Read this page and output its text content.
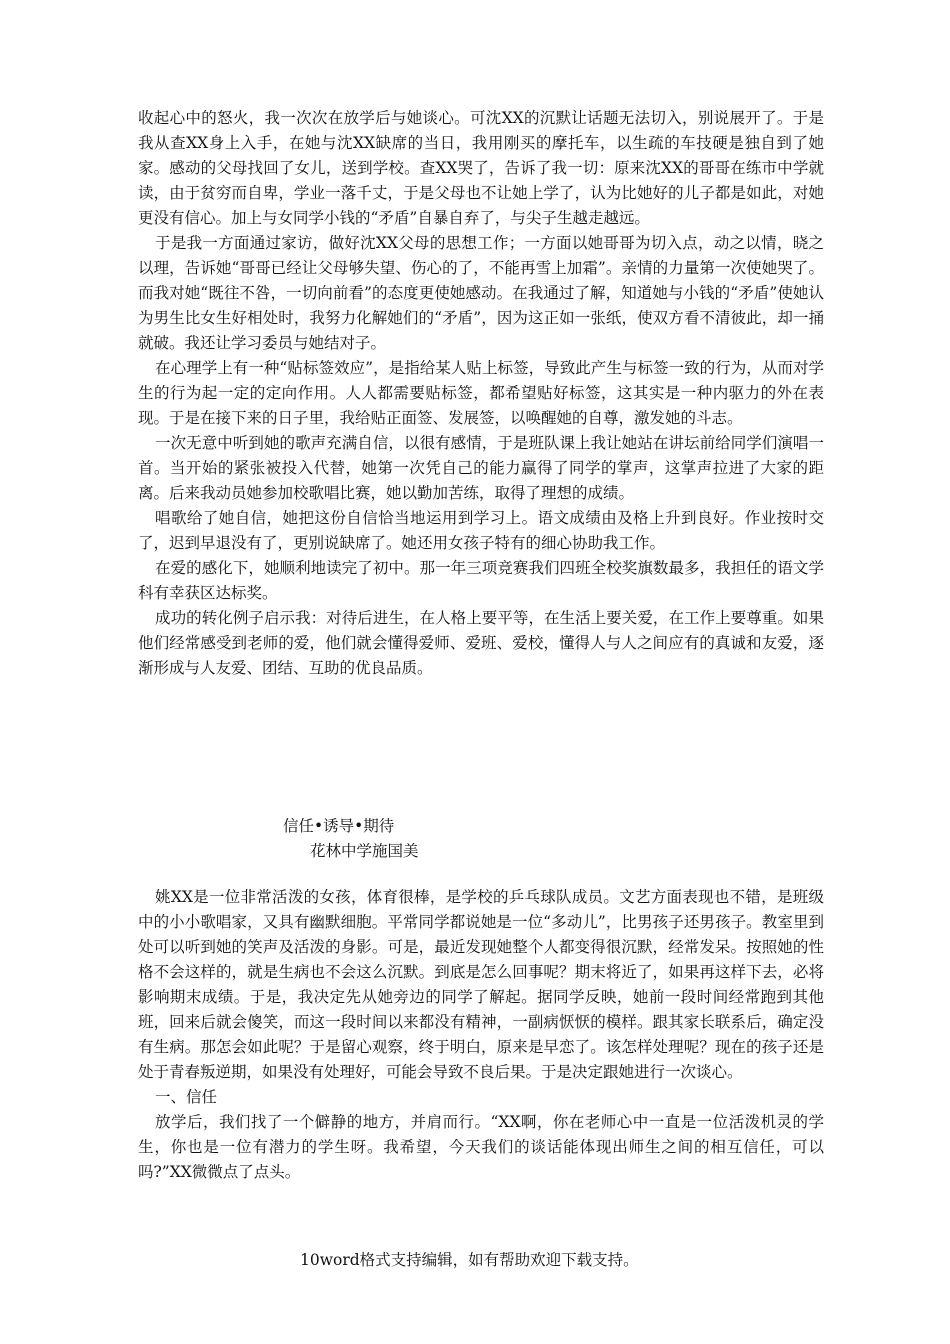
收起心中的怒火，我一次次在放学后与她谈心。可沈XX的沉默让话题无法切入，别说展开了。于是我从查XX身上入手，在她与沈XX缺席的当日，我用刚买的摩托车，以生疏的车技硬是独自到了她家。感动的父母找回了女儿，送到学校。查XX哭了，告诉了我一切：原来沈XX的哥哥在练市中学就读，由于贫穷而自卑，学业一落千丈，于是父母也不让她上学了，认为比她好的儿子都是如此，对她更没有信心。加上与女同学小钱的“矛盾”自暴自弃了，与尖子生越走越远。

于是我一方面通过家访，做好沈XX父母的思想工作；一方面以她哥哥为切入点，动之以情，晓之以理，告诉她“哥哥已经让父母够失望、伤心的了，不能再雪上加霜”。亲情的力量第一次使她哭了。而我对她“既往不咎，一切向前看”的态度更使她感动。在我通过了解，知道她与小钱的“矛盾”使她认为男生比女生好相处时，我努力化解她们的“矛盾”，因为这正如一张纸，使双方看不清彼此，却一捅就破。我还让学习委员与她结对子。

在心理学上有一种“贴标签效应”，是指给某人贴上标签，导致此产生与标签一致的行为，从而对学生的行为起一定的定向作用。人人都需要贴标签，都希望贴好标签，这其实是一种内驱力的外在表现。于是在接下来的日子里，我给贴正面签、发展签，以唤醒她的自尊，激发她的斗志。

一次无意中听到她的歌声充满自信，以很有感情，于是班队课上我让她站在讲坛前给同学们演唱一首。当开始的紧张被投入代替，她第一次凭自己的能力赢得了同学的掌声，这掌声拉进了大家的距离。后来我动员她参加校歌唱比赛，她以勤加苦练，取得了理想的成绩。

唱歌给了她自信，她把这份自信恰当地运用到学习上。语文成绩由及格上升到良好。作业按时交了，迟到早退没有了，更别说缺席了。她还用女孩子特有的细心协助我工作。

在爱的感化下，她顺利地读完了初中。那一年三项竞赛我们四班全校奖旗数最多，我担任的语文学科有幸获区达标奖。

成功的转化例子启示我：对待后进生，在人格上要平等，在生活上要关爱，在工作上要尊重。如果他们经常感受到老师的爱，他们就会懂得爱师、爱班、爱校，懂得人与人之间应有的真诚和友爱，逐渐形成与人友爱、团结、互助的优良品质。

信任•诱导•期待
花林中学施国美

姚XX是一位非常活泼的女孩，体育很棒，是学校的乒乓球队成员。文艺方面表现也不错，是班级中的小小歌唱家，又具有幽默细胞。平常同学都说她是一位“多动儿”，比男孩子还男孩子。教室里到处可以听到她的笑声及活泼的身影。可是，最近发现她整个人都变得很沉默，经常发呆。按照她的性格不会这样的，就是生病也不会这么沉默。到底是怎么回事呢？期末将近了，如果再这样下去，必将影响期末成绩。于是，我决定先从她旁边的同学了解起。据同学反映，她前一段时间经常跑到其他班，回来后就会傻笑，而这一段时间以来都没有精神，一副病恹恹的模样。跟其家长联系后，确定没有生病。那怎会如此呢？于是留心观察，终于明白，原来是早恋了。该怎样处理呢？现在的孩子还是处于青春叛逆期，如果没有处理好，可能会导致不良后果。于是决定跟她进行一次谈心。

一、信任

放学后，我们找了一个僻静的地方，并肩而行。“XX啊，你在老师心中一直是一位活泼机灵的学生，你也是一位有潜力的学生呀。我希望，今天我们的谈话能体现出师生之间的相互信任，可以吗?”XX微微点了点头。

10word格式支持编辑，如有帮助欢迎下载支持。
